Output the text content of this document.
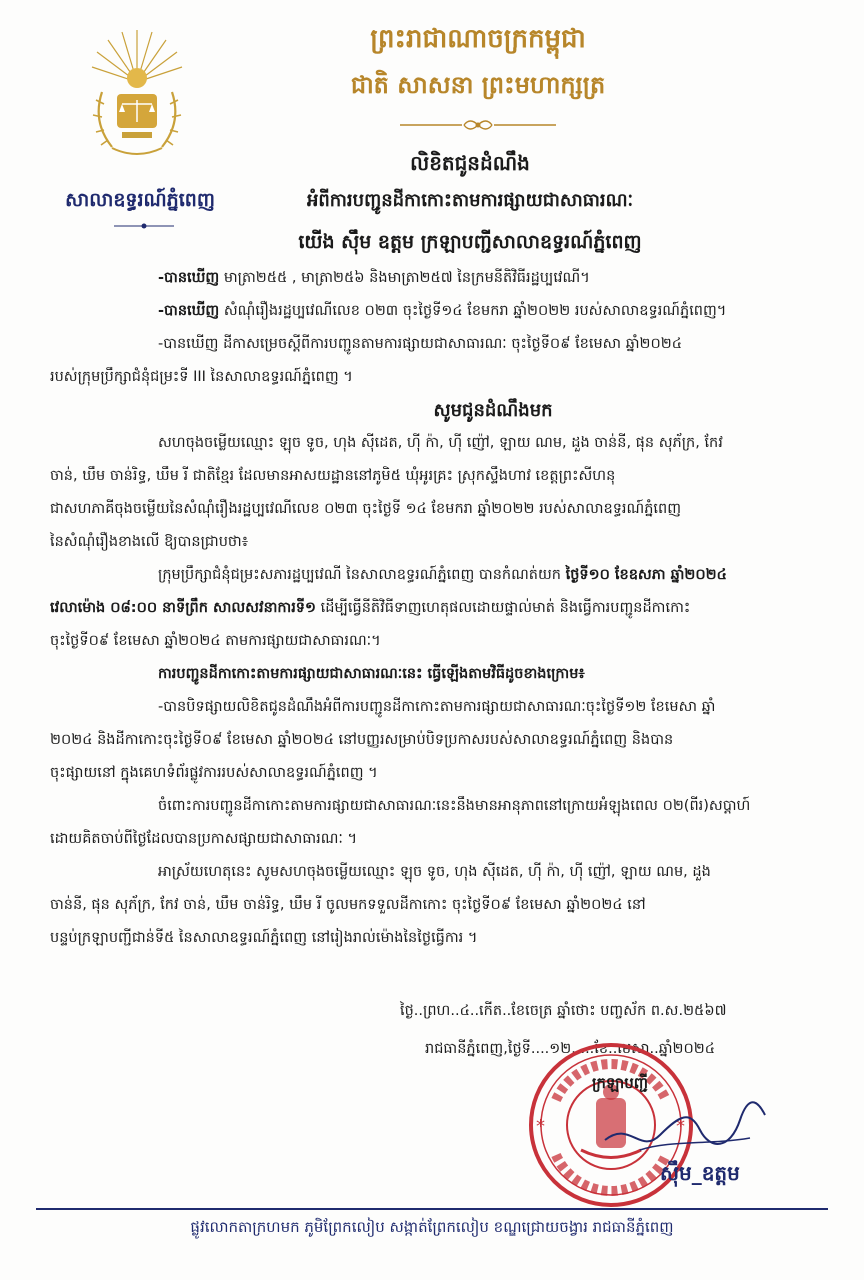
សាលាឧទ្ធរណ៍ភ្នំពេញ
ព្រះរាជាណាចក្រកម្ពុជា
ជាតិ សាសនា ព្រះមហាក្សត្រ
លិខិតជូនដំណឹង
អំពីការបញ្ជូនដីកាកោះតាមការផ្សាយជាសាធារណៈ
យើង ស៊ឹម ឧត្តម ក្រឡាបញ្ជីសាលាឧទ្ធរណ៍ភ្នំពេញ

-បានឃើញ មាត្រា២៥៥ , មាត្រា២៥៦ និងមាត្រា២៥៧ នៃក្រមនីតិវិធីរដ្ឋប្បវេណី។

-បានឃើញ សំណុំរឿងរដ្ឋប្បវេណីលេខ ០២៣ ចុះថ្ងៃទី១៤ ខែមករា ឆ្នាំ២០២២ របស់សាលាឧទ្ធរណ៍ភ្នំពេញ។

-បានឃើញ ដីកាសម្រេចស្តីពីការបញ្ជូនតាមការផ្សាយជាសាធារណៈ ចុះថ្ងៃទី០៩ ខែមេសា ឆ្នាំ២០២៤

របស់ក្រុមប្រឹក្សាជំនុំជម្រះទី III នៃសាលាឧទ្ធរណ៍ភ្នំពេញ ។

សូមជូនដំណឹងមក

សហចុងចម្លើយឈ្មោះ ឡុច ទូច, ហុង ស៊ីដេត, ហ៊ី ក៉ា, ហ៊ី ញ៉ៅ, ឡាយ ណម, ដួង ចាន់នី, ផុន សុភ័ក្រ, កែវ

ចាន់, ឃឹម ចាន់រិទ្ធ, ឃឹម រី ជាតិខ្មែរ ដែលមានអាសយដ្ឋាននៅភូមិ៥ ឃុំអូរគ្រះ ស្រុកស្ទឹងហាវ ខេត្តព្រះសីហនុ

ជាសហភាគីចុងចម្លើយនៃសំណុំរឿងរដ្ឋប្បវេណីលេខ ០២៣ ចុះថ្ងៃទី ១៤ ខែមករា ឆ្នាំ២០២២ របស់សាលាឧទ្ធរណ៍ភ្នំពេញ

នៃសំណុំរឿងខាងលើ ឱ្យបានជ្រាបថា៖

ក្រុមប្រឹក្សាជំនុំជម្រះសភារដ្ឋប្បវេណី នៃសាលាឧទ្ធរណ៍ភ្នំពេញ បានកំណត់យក ថ្ងៃទី១០ ខែឧសភា ឆ្នាំ២០២៤

វេលាម៉ោង ០៨:០០ នាទីព្រឹក សាលសវនាការទី១ ដើម្បីធ្វើនីតិវិធីទាញហេតុផលដោយផ្ទាល់មាត់ និងធ្វើការបញ្ជូនដីកាកោះ

ចុះថ្ងៃទី០៩ ខែមេសា ឆ្នាំ២០២៤ តាមការផ្សាយជាសាធារណៈ។

ការបញ្ជូនដីកាកោះតាមការផ្សាយជាសាធារណៈនេះ ធ្វើឡើងតាមវិធីដូចខាងក្រោម៖

-បានបិទផ្សាយលិខិតជូនដំណឹងអំពីការបញ្ជូនដីកាកោះតាមការផ្សាយជាសាធារណៈចុះថ្ងៃទី១២ ខែមេសា ឆ្នាំ

២០២៤ និងដីកាកោះចុះថ្ងៃទី០៩ ខែមេសា ឆ្នាំ២០២៤ នៅបញ្ញរសម្រាប់បិទប្រកាសរបស់សាលាឧទ្ធរណ៍ភ្នំពេញ និងបាន

ចុះផ្សាយនៅ ក្នុងគេហទំព័រផ្លូវការរបស់សាលាឧទ្ធរណ៍ភ្នំពេញ ។

ចំពោះការបញ្ជូនដីកាកោះតាមការផ្សាយជាសាធារណៈនេះនឹងមានអានុភាពនៅក្រោយអំឡុងពេល ០២(ពីរ)សប្តាហ៍

ដោយគិតចាប់ពីថ្ងៃដែលបានប្រកាសផ្សាយជាសាធារណៈ ។

អាស្រ័យហេតុនេះ សូមសហចុងចម្លើយឈ្មោះ ឡុច ទូច, ហុង ស៊ីដេត, ហ៊ី ក៉ា, ហ៊ី ញ៉ៅ, ឡាយ ណម, ដួង

ចាន់នី, ផុន សុភ័ក្រ, កែវ ចាន់, ឃឹម ចាន់រិទ្ធ, ឃឹម រី ចូលមកទទួលដីកាកោះ ចុះថ្ងៃទី០៩ ខែមេសា ឆ្នាំ២០២៤ នៅ

បន្ទប់ក្រឡាបញ្ជីជាន់ទី៥ នៃសាលាឧទ្ធរណ៍ភ្នំពេញ នៅរៀងរាល់ម៉ោងនៃថ្ងៃធ្វើការ ។

ថ្ងៃ..ព្រហ..៤..កើត..ខែចេត្រ ឆ្នាំថោះ បញ្ចស័ក ព.ស.២៥៦៧
រាជធានីភ្នំពេញ,ថ្ងៃទី....១២.....ខែ..មេសា..ឆ្នាំ២០២៤
*	*
ក្រឡាបញ្ជី
ស៊ឹម_ឧត្តម
ផ្លូវលោកតាក្រហមក ភូមិព្រែកលៀប សង្កាត់ព្រែកលៀប ខណ្ឌជ្រោយចង្វារ រាជធានីភ្នំពេញ
